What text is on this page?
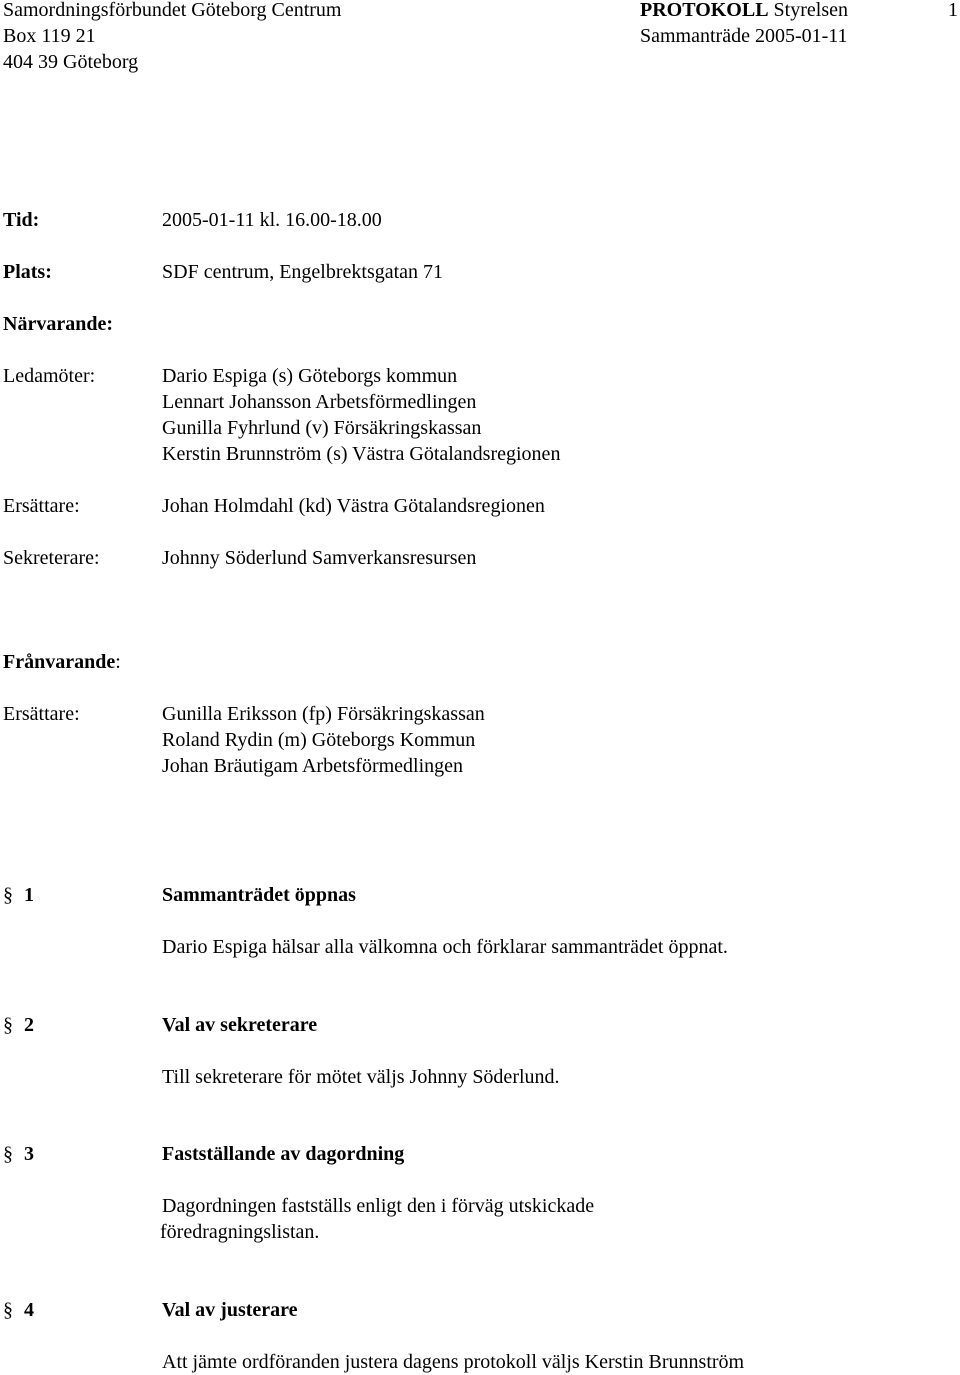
Samordningsförbundet Göteborg Centrum
Box 119 21
404 39 Göteborg
PROTOKOLL Styrelsen	1
Sammanträde 2005-01-11
Tid:	2005-01-11 kl. 16.00-18.00
Plats:	SDF centrum, Engelbrektsgatan 71
Närvarande:
Ledamöter:	Dario Espiga (s) Göteborgs kommun
Lennart Johansson Arbetsförmedlingen
Gunilla Fyhrlund (v) Försäkringskassan
Kerstin Brunnström (s) Västra Götalandsregionen
Ersättare:	Johan Holmdahl (kd) Västra Götalandsregionen
Sekreterare:	Johnny Söderlund Samverkansresursen
Frånvarande:
Ersättare:	Gunilla Eriksson (fp) Försäkringskassan
Roland Rydin (m) Göteborgs Kommun
Johan Bräutigam Arbetsförmedlingen
§ 1	Sammanträdet öppnas
Dario Espiga hälsar alla välkomna och förklarar sammanträdet öppnat.
§ 2	Val av sekreterare
Till sekreterare för mötet väljs Johnny Söderlund.
§ 3	Fastställande av dagordning
Dagordningen fastställs enligt den i förväg utskickade
föredragningslistan.
§ 4	Val av justerare
Att jämte ordföranden justera dagens protokoll väljs Kerstin Brunnström
